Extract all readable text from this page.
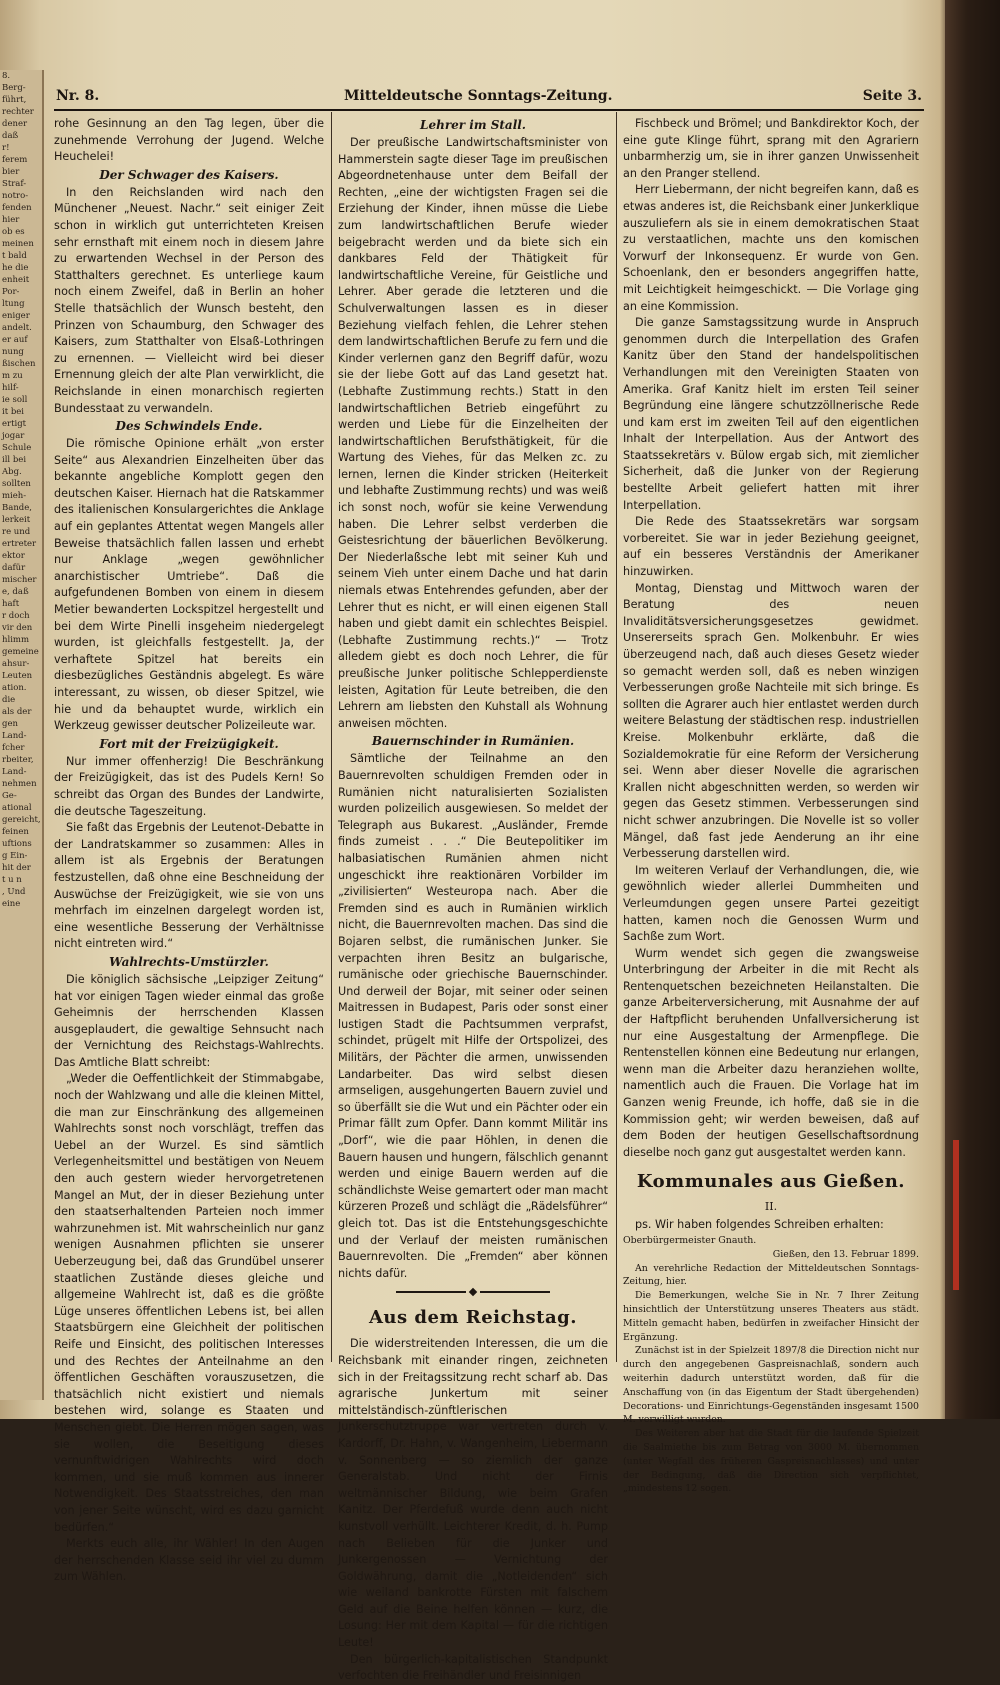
8.
Berg-
führt,
rechter
dener
daß
r!
ferem
bier
Straf-
notro-
fenden
hier
ob es
meinen
t bald
he die
enheit
Por-
ltung
eniger
andelt.
er auf
nung
ßischen
m zu
hilf-
ie soll
it bei
ertigt
jogar
Schule
ill bei
Abg.
sollten
mieh-
Bande,
lerkeit
re und
ertreter
ektor
dafür
mischer
e, daß
haft
r doch
vir den
hlimm
gemeine
ahsur-
Leuten
ation.
die
als der
gen
Land-
fcher
rbeiter,
Land-
nehmen
Ge-
ational
gereicht,
feinen
uftions
g Ein-
hit der
t u n
, Und
eine
Nr. 8.	Mitteldeutsche Sonntags-Zeitung.	Seite 3.

rohe Gesinnung an den Tag legen, über die zunehmende Verrohung der Jugend. Welche Heuchelei!

Der Schwager des Kaisers.

In den Reichslanden wird nach den Münchener „Neuest. Nachr.“ seit einiger Zeit schon in wirklich gut unterrichteten Kreisen sehr ernsthaft mit einem noch in diesem Jahre zu erwartenden Wechsel in der Person des Statthalters gerechnet. Es unterliege kaum noch einem Zweifel, daß in Berlin an hoher Stelle thatsächlich der Wunsch besteht, den Prinzen von Schaumburg, den Schwager des Kaisers, zum Statthalter von Elsaß-Lothringen zu ernennen. — Vielleicht wird bei dieser Ernennung gleich der alte Plan verwirklicht, die Reichslande in einen monarchisch regierten Bundesstaat zu verwandeln.

Des Schwindels Ende.

Die römische Opinione erhält „von erster Seite“ aus Alexandrien Einzelheiten über das bekannte angebliche Komplott gegen den deutschen Kaiser. Hiernach hat die Ratskammer des italienischen Konsulargerichtes die Anklage auf ein geplantes Attentat wegen Mangels aller Beweise thatsächlich fallen lassen und erhebt nur Anklage „wegen gewöhnlicher anarchistischer Umtriebe“. Daß die aufgefundenen Bomben von einem in diesem Metier bewanderten Lockspitzel hergestellt und bei dem Wirte Pinelli insgeheim niedergelegt wurden, ist gleichfalls festgestellt. Ja, der verhaftete Spitzel hat bereits ein diesbezügliches Geständnis abgelegt. Es wäre interessant, zu wissen, ob dieser Spitzel, wie hie und da behauptet wurde, wirklich ein Werkzeug gewisser deutscher Polizeileute war.

Fort mit der Freizügigkeit.

Nur immer offenherzig! Die Beschränkung der Freizügigkeit, das ist des Pudels Kern! So schreibt das Organ des Bundes der Landwirte, die deutsche Tageszeitung.

Sie faßt das Ergebnis der Leutenot-Debatte in der Landratskammer so zusammen: Alles in allem ist als Ergebnis der Beratungen festzustellen, daß ohne eine Beschneidung der Auswüchse der Freizügigkeit, wie sie von uns mehrfach im einzelnen dargelegt worden ist, eine wesentliche Besserung der Verhältnisse nicht eintreten wird.“

Wahlrechts-Umstürzler.

Die königlich sächsische „Leipziger Zeitung“ hat vor einigen Tagen wieder einmal das große Geheimnis der herrschenden Klassen ausgeplaudert, die gewaltige Sehnsucht nach der Vernichtung des Reichstags-Wahlrechts. Das Amtliche Blatt schreibt:

„Weder die Oeffentlichkeit der Stimmabgabe, noch der Wahlzwang und alle die kleinen Mittel, die man zur Einschränkung des allgemeinen Wahlrechts sonst noch vorschlägt, treffen das Uebel an der Wurzel. Es sind sämtlich Verlegenheitsmittel und bestätigen von Neuem den auch gestern wieder hervorgetretenen Mangel an Mut, der in dieser Beziehung unter den staatserhaltenden Parteien noch immer wahrzunehmen ist. Mit wahrscheinlich nur ganz wenigen Ausnahmen pflichten sie unserer Ueberzeugung bei, daß das Grundübel unserer staatlichen Zustände dieses gleiche und allgemeine Wahlrecht ist, daß es die größte Lüge unseres öffentlichen Lebens ist, bei allen Staatsbürgern eine Gleichheit der politischen Reife und Einsicht, des politischen Interesses und des Rechtes der Anteilnahme an den öffentlichen Geschäften vorauszusetzen, die thatsächlich nicht existiert und niemals bestehen wird, solange es Staaten und Menschen giebt. Die Herren mögen sagen, was sie wollen, die Beseitigung dieses vernunftwidrigen Wahlrechts wird doch kommen, und sie muß kommen aus innerer Notwendigkeit. Des Staatsstreiches, den man von jener Seite wünscht, wird es dazu garnicht bedürfen.“

Merkts euch alle, ihr Wähler! In den Augen der herrschenden Klasse seid ihr viel zu dumm zum Wählen.

Lehrer im Stall.

Der preußische Landwirtschaftsminister von Hammerstein sagte dieser Tage im preußischen Abgeordnetenhause unter dem Beifall der Rechten, „eine der wichtigsten Fragen sei die Erziehung der Kinder, ihnen müsse die Liebe zum landwirtschaftlichen Berufe wieder beigebracht werden und da biete sich ein dankbares Feld der Thätigkeit für landwirtschaftliche Vereine, für Geistliche und Lehrer. Aber gerade die letzteren und die Schulverwaltungen lassen es in dieser Beziehung vielfach fehlen, die Lehrer stehen dem landwirtschaftlichen Berufe zu fern und die Kinder verlernen ganz den Begriff dafür, wozu sie der liebe Gott auf das Land gesetzt hat. (Lebhafte Zustimmung rechts.) Statt in den landwirtschaftlichen Betrieb eingeführt zu werden und Liebe für die Einzelheiten der landwirtschaftlichen Berufsthätigkeit, für die Wartung des Viehes, für das Melken zc. zu lernen, lernen die Kinder stricken (Heiterkeit und lebhafte Zustimmung rechts) und was weiß ich sonst noch, wofür sie keine Verwendung haben. Die Lehrer selbst verderben die Geistesrichtung der bäuerlichen Bevölkerung. Der Niederlaßsche lebt mit seiner Kuh und seinem Vieh unter einem Dache und hat darin niemals etwas Entehrendes gefunden, aber der Lehrer thut es nicht, er will einen eigenen Stall haben und giebt damit ein schlechtes Beispiel. (Lebhafte Zustimmung rechts.)“ — Trotz alledem giebt es doch noch Lehrer, die für preußische Junker politische Schlepperdienste leisten, Agitation für Leute betreiben, die den Lehrern am liebsten den Kuhstall als Wohnung anweisen möchten.

Bauernschinder in Rumänien.

Sämtliche der Teilnahme an den Bauernrevolten schuldigen Fremden oder in Rumänien nicht naturalisierten Sozialisten wurden polizeilich ausgewiesen. So meldet der Telegraph aus Bukarest. „Ausländer, Fremde finds zumeist . . .“ Die Beutepolitiker im halbasiatischen Rumänien ahmen nicht ungeschickt ihre reaktionären Vorbilder im „zivilisierten“ Westeuropa nach. Aber die Fremden sind es auch in Rumänien wirklich nicht, die Bauernrevolten machen. Das sind die Bojaren selbst, die rumänischen Junker. Sie verpachten ihren Besitz an bulgarische, rumänische oder griechische Bauernschinder. Und derweil der Bojar, mit seiner oder seinen Maitressen in Budapest, Paris oder sonst einer lustigen Stadt die Pachtsummen verprafst, schindet, prügelt mit Hilfe der Ortspolizei, des Militärs, der Pächter die armen, unwissenden Landarbeiter. Das wird selbst diesen armseligen, ausgehungerten Bauern zuviel und so überfällt sie die Wut und ein Pächter oder ein Primar fällt zum Opfer. Dann kommt Militär ins „Dorf“, wie die paar Höhlen, in denen die Bauern hausen und hungern, fälschlich genannt werden und einige Bauern werden auf die schändlichste Weise gemartert oder man macht kürzeren Prozeß und schlägt die „Rädelsführer“ gleich tot. Das ist die Entstehungsgeschichte und der Verlauf der meisten rumänischen Bauernrevolten. Die „Fremden“ aber können nichts dafür.

Aus dem Reichstag.

Die widerstreitenden Interessen, die um die Reichsbank mit einander ringen, zeichneten sich in der Freitagssitzung recht scharf ab. Das agrarische Junkertum mit seiner mittelständisch-zünftlerischen Junkerschutztruppe war vertreten durch v. Kardorff, Dr. Hahn, v. Wangenheim, Liebermann v. Sonnenberg — so ziemlich der ganze Generalstab. Und nicht der Firnis weltmännischer Bildung, wie beim Grafen Kanitz. Der Pferdefuß wurde denn auch nicht kunstvoll verhüllt. Leichterer Kredit, d. h. Pump nach Belieben für die Junker und Junkergenossen — Vernichtung der Goldwährung, damit die „Notleidenden“ sich wie weiland bankrotte Fürsten mit falschem Geld auf die Beine helfen können — kurz, die Losung: Her mit dem Kapital — für die richtigen Leute!

Den bürgerlich-kapitalistischen Standpunkt verfochten die Freihändler und Freisinnigen

Fischbeck und Brömel; und Bankdirektor Koch, der eine gute Klinge führt, sprang mit den Agrariern unbarmherzig um, sie in ihrer ganzen Unwissenheit an den Pranger stellend.

Herr Liebermann, der nicht begreifen kann, daß es etwas anderes ist, die Reichsbank einer Junkerklique auszuliefern als sie in einem demokratischen Staat zu verstaatlichen, machte uns den komischen Vorwurf der Inkonsequenz. Er wurde von Gen. Schoenlank, den er besonders angegriffen hatte, mit Leichtigkeit heimgeschickt. — Die Vorlage ging an eine Kommission.

Die ganze Samstagssitzung wurde in Anspruch genommen durch die Interpellation des Grafen Kanitz über den Stand der handelspolitischen Verhandlungen mit den Vereinigten Staaten von Amerika. Graf Kanitz hielt im ersten Teil seiner Begründung eine längere schutzzöllnerische Rede und kam erst im zweiten Teil auf den eigentlichen Inhalt der Interpellation. Aus der Antwort des Staatssekretärs v. Bülow ergab sich, mit ziemlicher Sicherheit, daß die Junker von der Regierung bestellte Arbeit geliefert hatten mit ihrer Interpellation.

Die Rede des Staatssekretärs war sorgsam vorbereitet. Sie war in jeder Beziehung geeignet, auf ein besseres Verständnis der Amerikaner hinzuwirken.

Montag, Dienstag und Mittwoch waren der Beratung des neuen Invaliditätsversicherungsgesetzes gewidmet. Unsererseits sprach Gen. Molkenbuhr. Er wies überzeugend nach, daß auch dieses Gesetz wieder so gemacht werden soll, daß es neben winzigen Verbesserungen große Nachteile mit sich bringe. Es sollten die Agrarer auch hier entlastet werden durch weitere Belastung der städtischen resp. industriellen Kreise. Molkenbuhr erklärte, daß die Sozialdemokratie für eine Reform der Versicherung sei. Wenn aber dieser Novelle die agrarischen Krallen nicht abgeschnitten werden, so werden wir gegen das Gesetz stimmen. Verbesserungen sind nicht schwer anzubringen. Die Novelle ist so voller Mängel, daß fast jede Aenderung an ihr eine Verbesserung darstellen wird.

Im weiteren Verlauf der Verhandlungen, die, wie gewöhnlich wieder allerlei Dummheiten und Verleumdungen gegen unsere Partei gezeitigt hatten, kamen noch die Genossen Wurm und Sachße zum Wort.

Wurm wendet sich gegen die zwangsweise Unterbringung der Arbeiter in die mit Recht als Rentenquetschen bezeichneten Heilanstalten. Die ganze Arbeiterversicherung, mit Ausnahme der auf der Haftpflicht beruhenden Unfallversicherung ist nur eine Ausgestaltung der Armenpflege. Die Rentenstellen können eine Bedeutung nur erlangen, wenn man die Arbeiter dazu heranziehen wollte, namentlich auch die Frauen. Die Vorlage hat im Ganzen wenig Freunde, ich hoffe, daß sie in die Kommission geht; wir werden beweisen, daß auf dem Boden der heutigen Gesellschaftsordnung dieselbe noch ganz gut ausgestaltet werden kann.

Kommunales aus Gießen.
II.

ps. Wir haben folgendes Schreiben erhalten:

Oberbürgermeister Gnauth.

Gießen, den 13. Februar 1899.

An verehrliche Redaction der Mitteldeutschen Sonntags-Zeitung, hier.

Die Bemerkungen, welche Sie in Nr. 7 Ihrer Zeitung hinsichtlich der Unterstützung unseres Theaters aus städt. Mitteln gemacht haben, bedürfen in zweifacher Hinsicht der Ergänzung.

Zunächst ist in der Spielzeit 1897/8 die Direction nicht nur durch den angegebenen Gaspreisnachlaß, sondern auch weiterhin dadurch unterstützt worden, daß für die Anschaffung von (in das Eigentum der Stadt übergehenden) Decorations- und Einrichtungs-Gegenständen insgesamt 1500 M. verwilligt wurden.

Des Weiteren aber hat die Stadt für die laufende Spielzeit die Saalmiethe bis zum Betrag von 3000 M. übernommen (unter Wegfall des früheren Gaspreisnachlasses) und unter der Bedingung, daß die Direction sich verpflichtet, „mindestens 12 sogen.
